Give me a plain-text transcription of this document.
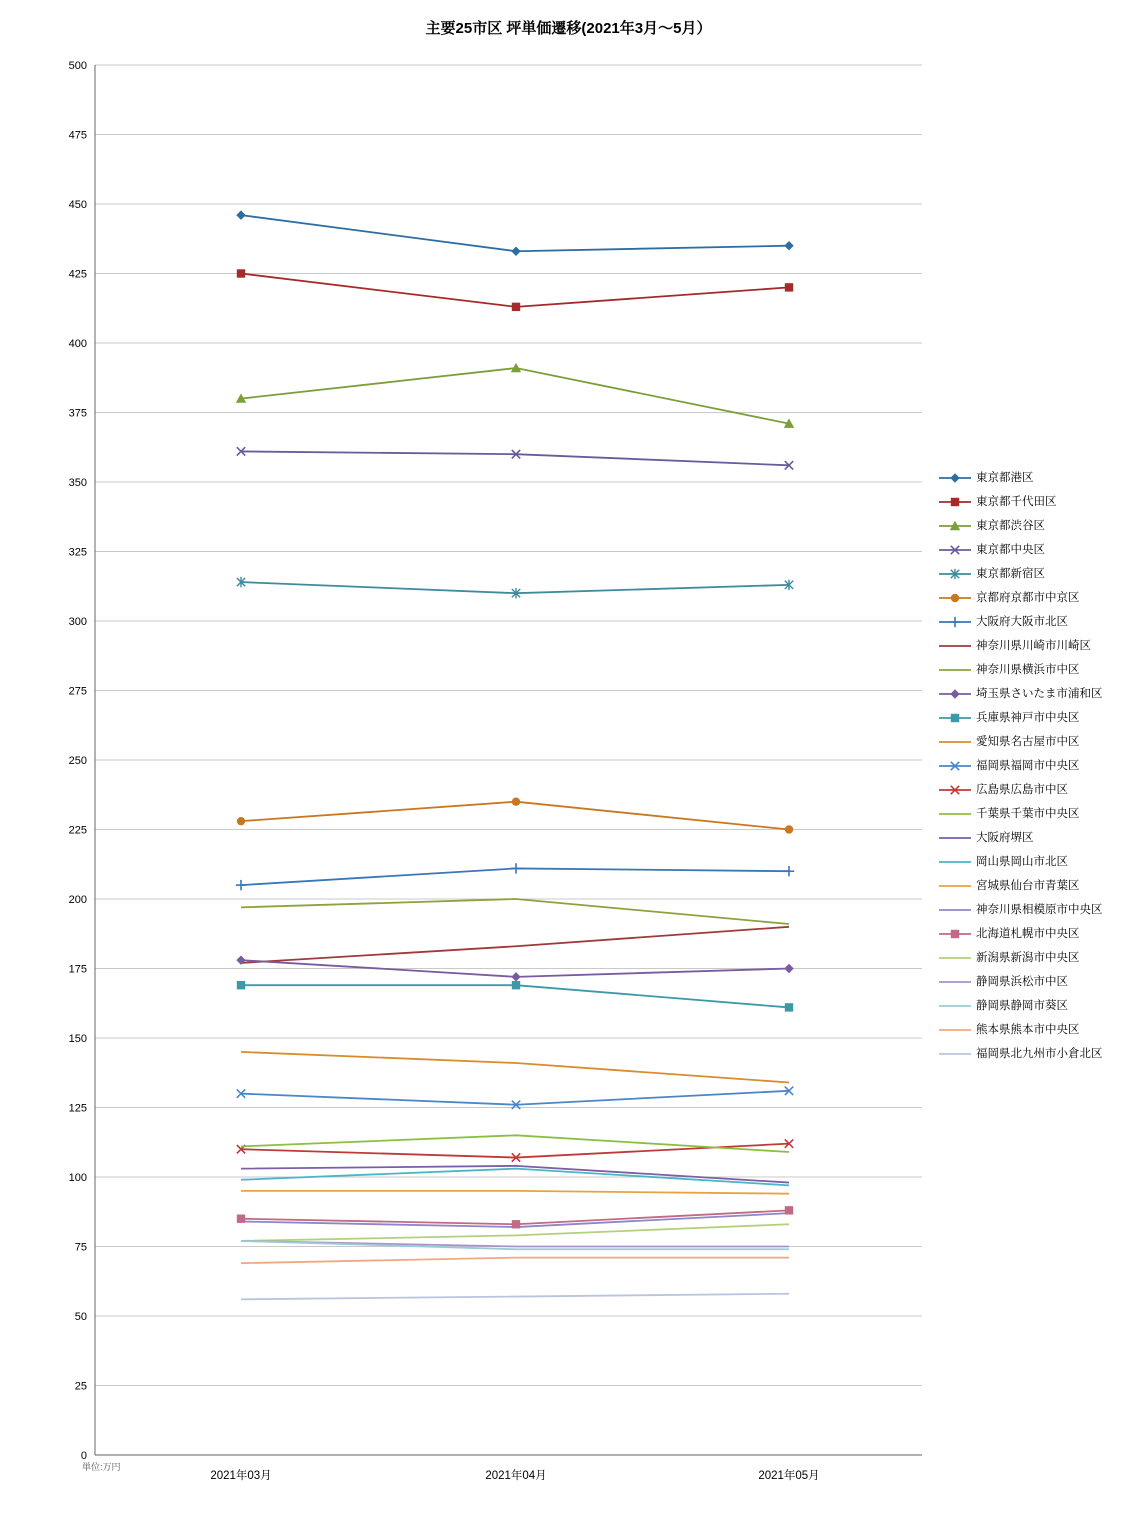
主要25市区 坪単価遷移(2021年3月〜5月）
0
25
50
75
100
125
150
175
200
225
250
275
300
325
350
375
400
425
450
475
500
2021年03月	2021年04月	2021年05月
単位:万円
東京都港区
東京都千代田区
東京都渋谷区
東京都中央区
東京都新宿区
京都府京都市中京区
大阪府大阪市北区
神奈川県川崎市川崎区
神奈川県横浜市中区
埼玉県さいたま市浦和区
兵庫県神戸市中央区
愛知県名古屋市中区
福岡県福岡市中央区
広島県広島市中区
千葉県千葉市中央区
大阪府堺区
岡山県岡山市北区
宮城県仙台市青葉区
神奈川県相模原市中央区
北海道札幌市中央区
新潟県新潟市中央区
静岡県浜松市中区
静岡県静岡市葵区
熊本県熊本市中央区
福岡県北九州市小倉北区
